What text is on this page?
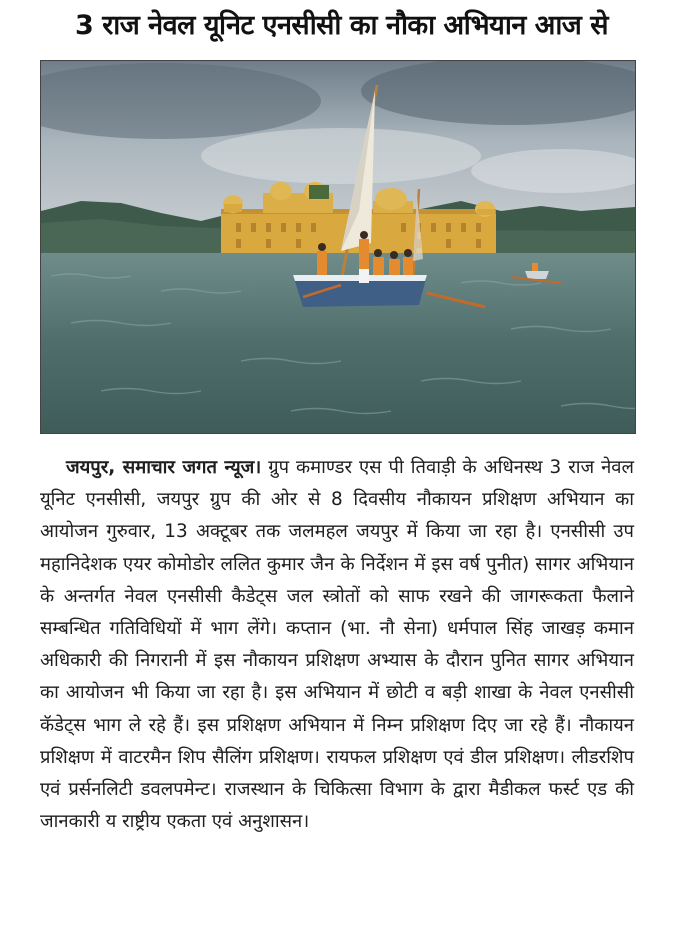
3 राज नेवल यूनिट एनसीसी का नौका अभियान आज से

जयपुर, समाचार जगत न्यूज। ग्रुप कमाण्डर एस पी तिवाड़ी के अधिनस्थ 3 राज नेवल यूनिट एनसीसी, जयपुर ग्रुप की ओर से 8 दिवसीय नौकायन प्रशिक्षण अभियान का आयोजन गुरुवार, 13 अक्टूबर तक जलमहल जयपुर में किया जा रहा है। एनसीसी उप महानिदेशक एयर कोमोडोर ललित कुमार जैन के निर्देशन में इस वर्ष पुनीत) सागर अभियान के अन्तर्गत नेवल एनसीसी कैडेट्स जल स्त्रोतों को साफ रखने की जागरूकता फैलाने सम्बन्धित गतिविधियों में भाग लेंगे। कप्तान (भा. नौ सेना) धर्मपाल सिंह जाखड़ कमान अधिकारी की निगरानी में इस नौकायन प्रशिक्षण अभ्यास के दौरान पुनित सागर अभियान का आयोजन भी किया जा रहा है। इस अभियान में छोटी व बड़ी शाखा के नेवल एनसीसी कॅडेट्स भाग ले रहे हैं। इस प्रशिक्षण अभियान में निम्न प्रशिक्षण दिए जा रहे हैं। नौकायन प्रशिक्षण में वाटरमैन शिप सैलिंग प्रशिक्षण। रायफल प्रशिक्षण एवं डील प्रशिक्षण। लीडरशिप एवं प्रर्सनलिटी डवलपमेन्ट। राजस्थान के चिकित्सा विभाग के द्वारा मैडीकल फर्स्ट एड की जानकारी य राष्ट्रीय एकता एवं अनुशासन।
